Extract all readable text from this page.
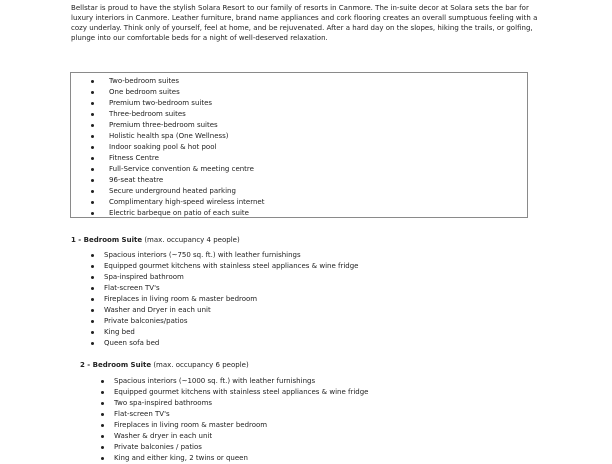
Bellstar is proud to have the stylish Solara Resort to our family of resorts in Canmore. The in-suite decor at Solara sets the bar for luxury interiors in Canmore. Leather furniture, brand name appliances and cork flooring creates an overall sumptuous feeling with a cozy underlay. Think only of yourself, feel at home, and be rejuvenated. After a hard day on the slopes, hiking the trails, or golfing, plunge into our comfortable beds for a night of well-deserved relaxation.

Two-bedroom suites
One bedroom suites
Premium two-bedroom suites
Three-bedroom suites
Premium three-bedroom suites
Holistic health spa (One Wellness)
Indoor soaking pool & hot pool
Fitness Centre
Full-Service convention & meeting centre
96-seat theatre
Secure underground heated parking
Complimentary high-speed wireless internet
Electric barbeque on patio of each suite
1 - Bedroom Suite (max. occupancy 4 people)
Spacious interiors (~750 sq. ft.) with leather furnishings
Equipped gourmet kitchens with stainless steel appliances & wine fridge
Spa-inspired bathroom
Flat-screen TV's
Fireplaces in living room & master bedroom
Washer and Dryer in each unit
Private balconies/patios
King bed
Queen sofa bed
2 - Bedroom Suite (max. occupancy 6 people)
Spacious interiors (~1000 sq. ft.) with leather furnishings
Equipped gourmet kitchens with stainless steel appliances & wine fridge
Two spa-inspired bathrooms
Flat-screen TV's
Fireplaces in living room & master bedroom
Washer & dryer in each unit
Private balconies / patios
King and either king, 2 twins or queen
